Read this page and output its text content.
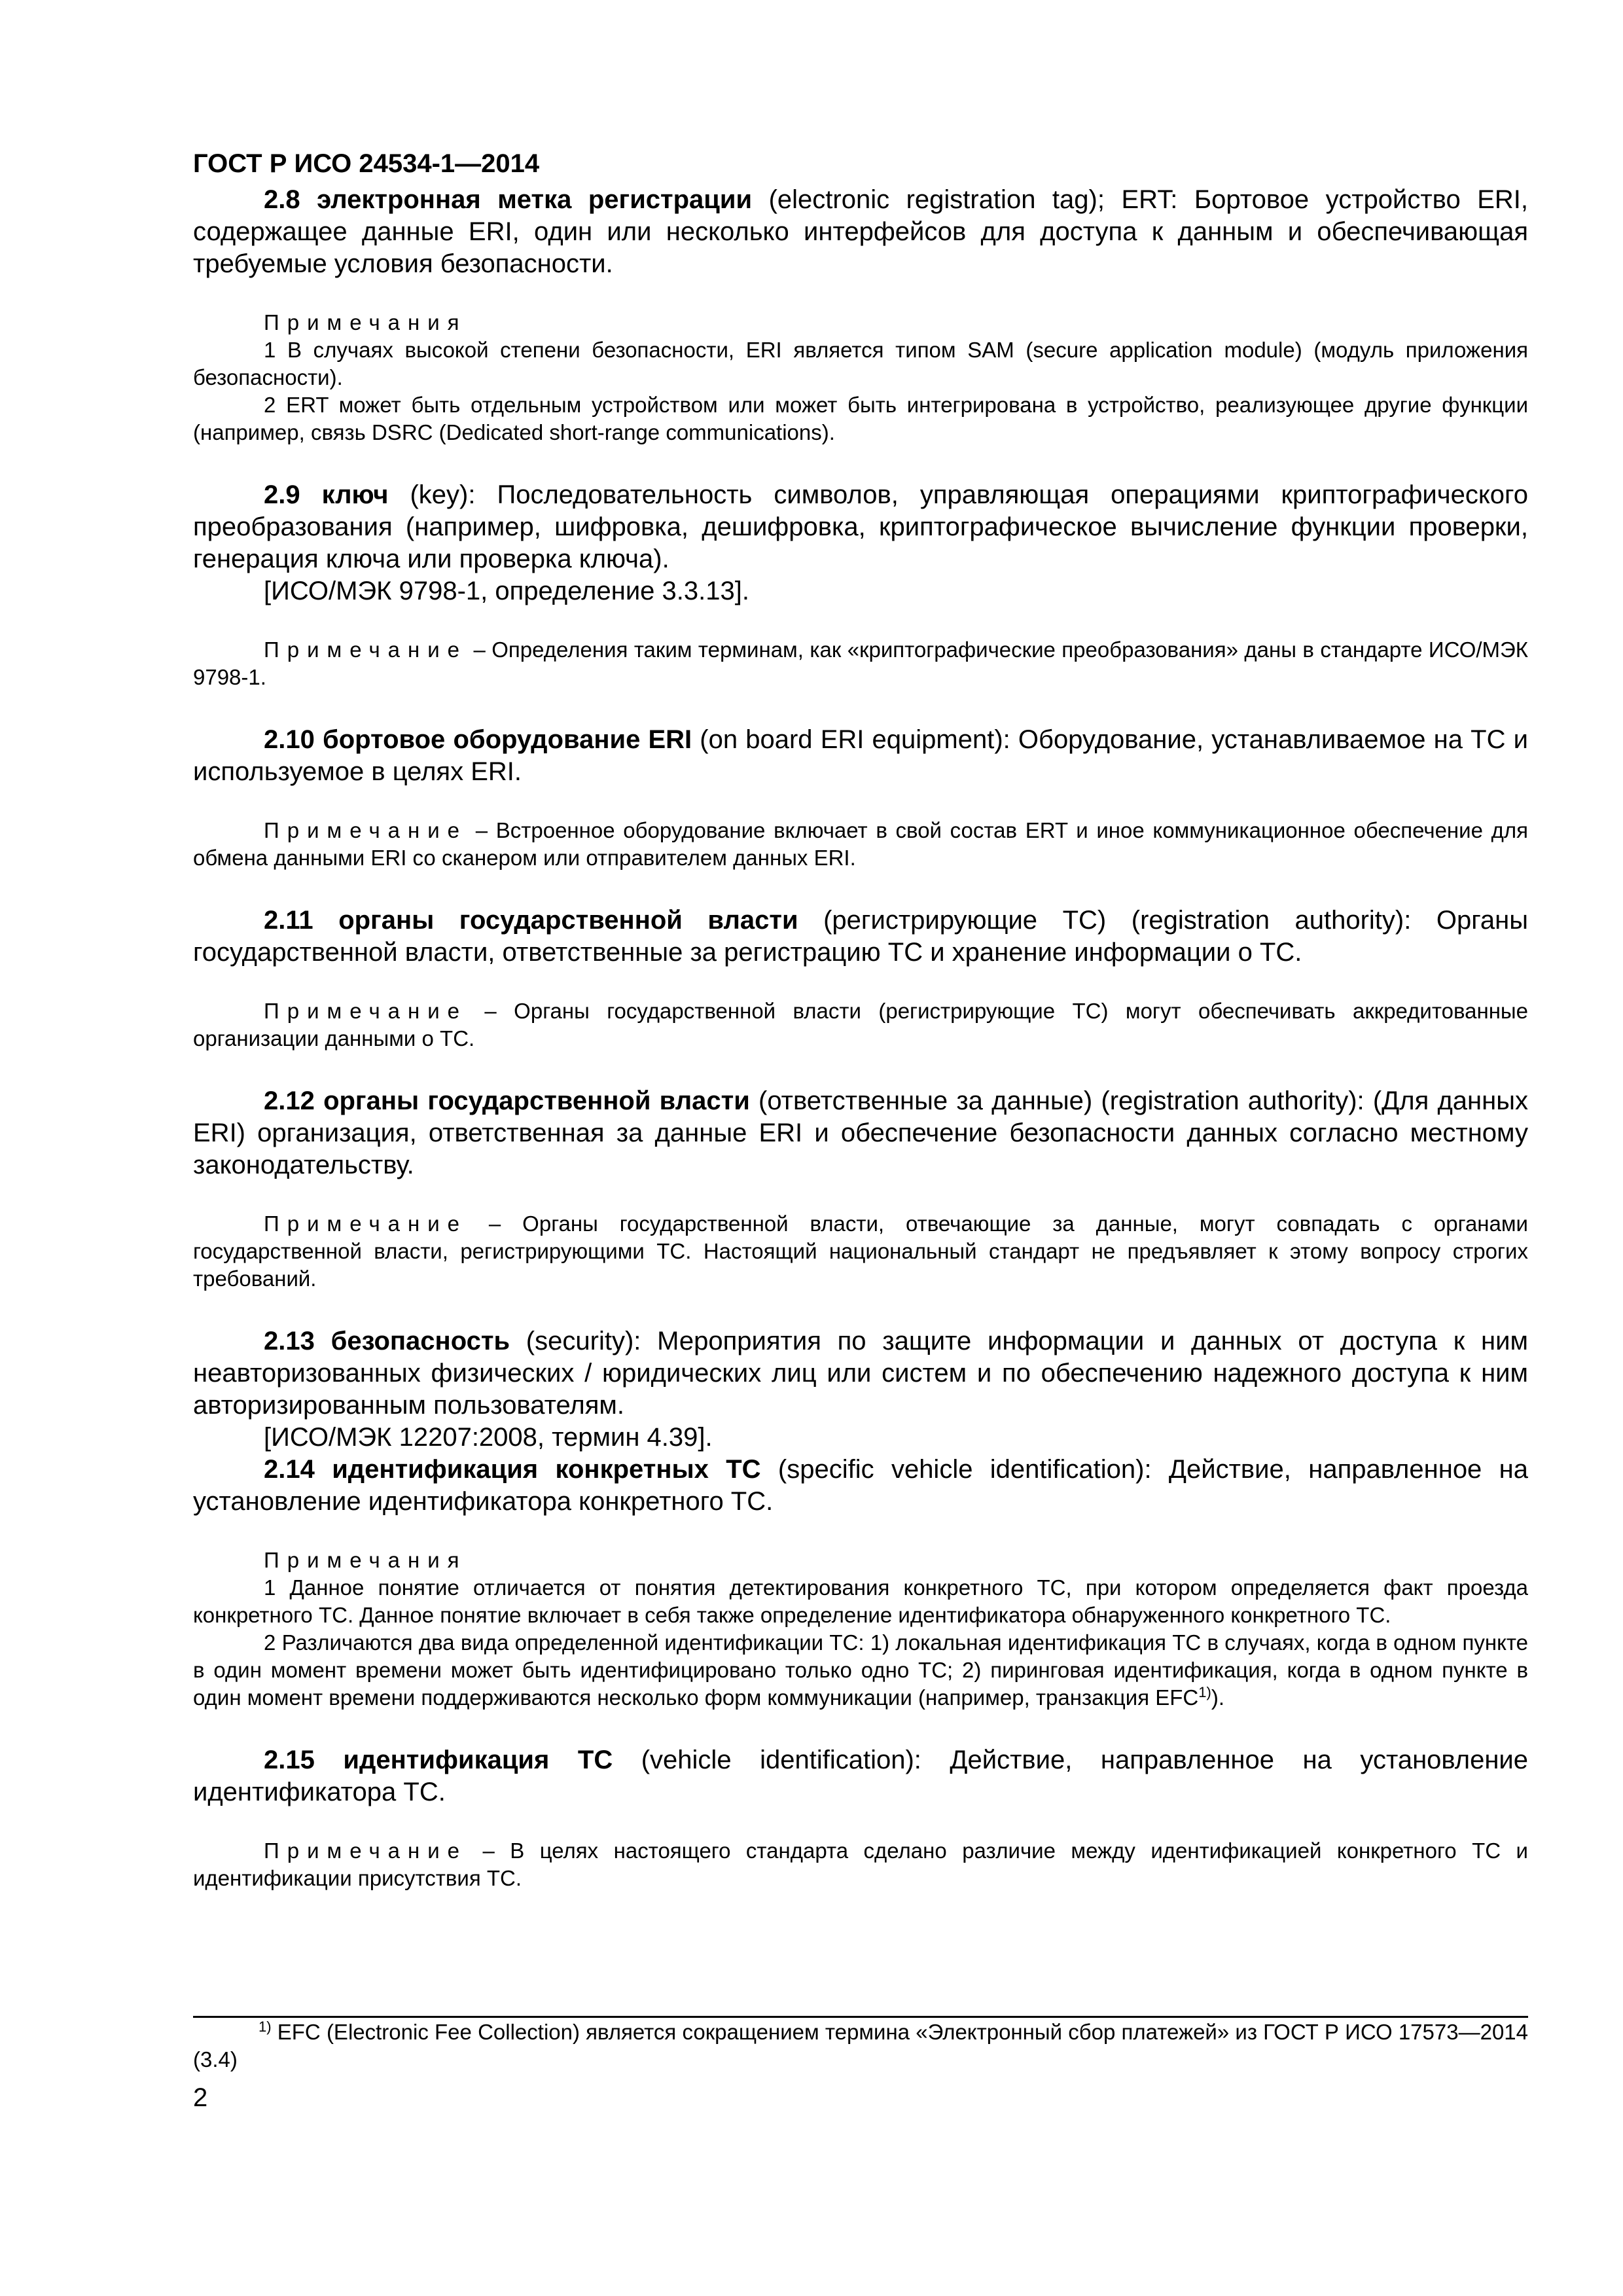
ГОСТ Р ИСО 24534-1—2014
2.8 электронная метка регистрации (electronic registration tag); ERT: Бортовое устройство ERI, содержащее данные ERI, один или несколько интерфейсов для доступа к данным и обеспечивающая требуемые условия безопасности.
Примечания
1 В случаях высокой степени безопасности, ERI является типом SAM (secure application module) (модуль приложения безопасности).
2 ERT может быть отдельным устройством или может быть интегрирована в устройство, реализующее другие функции (например, связь DSRC (Dedicated short-range communications).
2.9 ключ (key): Последовательность символов, управляющая операциями криптографического преобразования (например, шифровка, дешифровка, криптографическое вычисление функции проверки, генерация ключа или проверка ключа).
[ИСО/МЭК 9798-1, определение 3.3.13].
Примечание – Определения таким терминам, как «криптографические преобразования» даны в стандарте ИСО/МЭК 9798-1.
2.10 бортовое оборудование ERI (on board ERI equipment): Оборудование, устанавливаемое на ТС и используемое в целях ERI.
Примечание – Встроенное оборудование включает в свой состав ERT и иное коммуникационное обеспечение для обмена данными ERI со сканером или отправителем данных ERI.
2.11 органы государственной власти (регистрирующие ТС) (registration authority): Органы государственной власти, ответственные за регистрацию ТС и хранение информации о ТС.
Примечание – Органы государственной власти (регистрирующие ТС) могут обеспечивать аккредитованные организации данными о ТС.
2.12 органы государственной власти (ответственные за данные) (registration authority): (Для данных ERI) организация, ответственная за данные ERI и обеспечение безопасности данных согласно местному законодательству.
Примечание – Органы государственной власти, отвечающие за данные, могут совпадать с органами государственной власти, регистрирующими ТС. Настоящий национальный стандарт не предъявляет к этому вопросу строгих требований.
2.13 безопасность (security): Мероприятия по защите информации и данных от доступа к ним неавторизованных физических / юридических лиц или систем и по обеспечению надежного доступа к ним авторизированным пользователям.
[ИСО/МЭК 12207:2008, термин 4.39].
2.14 идентификация конкретных ТС (specific vehicle identification): Действие, направленное на установление идентификатора конкретного ТС.
Примечания
1 Данное понятие отличается от понятия детектирования конкретного ТС, при котором определяется факт проезда конкретного ТС. Данное понятие включает в себя также определение идентификатора обнаруженного конкретного ТС.
2 Различаются два вида определенной идентификации ТС: 1) локальная идентификация ТС в случаях, когда в одном пункте в один момент времени может быть идентифицировано только одно ТС; 2) пиринговая идентификация, когда в одном пункте в один момент времени поддерживаются несколько форм коммуникации (например, транзакция EFC$^{1)}$).
2.15 идентификация ТС (vehicle identification): Действие, направленное на установление идентификатора ТС.
Примечание – В целях настоящего стандарта сделано различие между идентификацией конкретного ТС и идентификации присутствия ТС.
$^{1)}$ EFC (Electronic Fee Collection) является сокращением термина «Электронный сбор платежей» из ГОСТ Р ИСО 17573—2014 (3.4)
2
